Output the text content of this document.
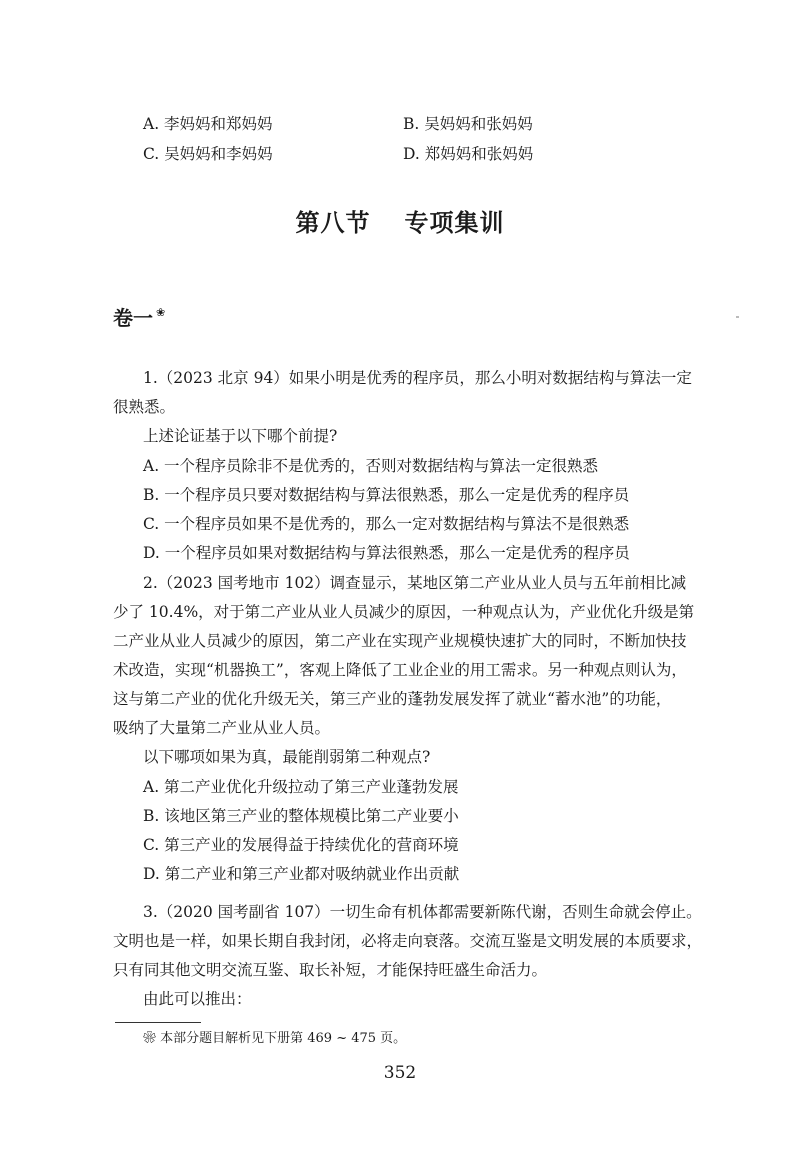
A. 李妈妈和郑妈妈	B. 吴妈妈和张妈妈
C. 吴妈妈和李妈妈	D. 郑妈妈和张妈妈
第八节 专项集训
卷一 ❀
1.（2023 北京 94）如果小明是优秀的程序员，那么小明对数据结构与算法一定
很熟悉。
上述论证基于以下哪个前提?
A. 一个程序员除非不是优秀的，否则对数据结构与算法一定很熟悉
B. 一个程序员只要对数据结构与算法很熟悉，那么一定是优秀的程序员
C. 一个程序员如果不是优秀的，那么一定对数据结构与算法不是很熟悉
D. 一个程序员如果对数据结构与算法很熟悉，那么一定是优秀的程序员
2.（2023 国考地市 102）调查显示，某地区第二产业从业人员与五年前相比减
少了 10.4%，对于第二产业从业人员减少的原因，一种观点认为，产业优化升级是第
二产业从业人员减少的原因，第二产业在实现产业规模快速扩大的同时，不断加快技
术改造，实现“机器换工”，客观上降低了工业企业的用工需求。另一种观点则认为，
这与第二产业的优化升级无关，第三产业的蓬勃发展发挥了就业“蓄水池”的功能，
吸纳了大量第二产业从业人员。
以下哪项如果为真，最能削弱第二种观点?
A. 第二产业优化升级拉动了第三产业蓬勃发展
B. 该地区第三产业的整体规模比第二产业要小
C. 第三产业的发展得益于持续优化的营商环境
D. 第二产业和第三产业都对吸纳就业作出贡献
3.（2020 国考副省 107）一切生命有机体都需要新陈代谢，否则生命就会停止。
文明也是一样，如果长期自我封闭，必将走向衰落。交流互鉴是文明发展的本质要求，
只有同其他文明交流互鉴、取长补短，才能保持旺盛生命活力。
由此可以推出：
❀ 本部分题目解析见下册第 469 ~ 475 页。
352
